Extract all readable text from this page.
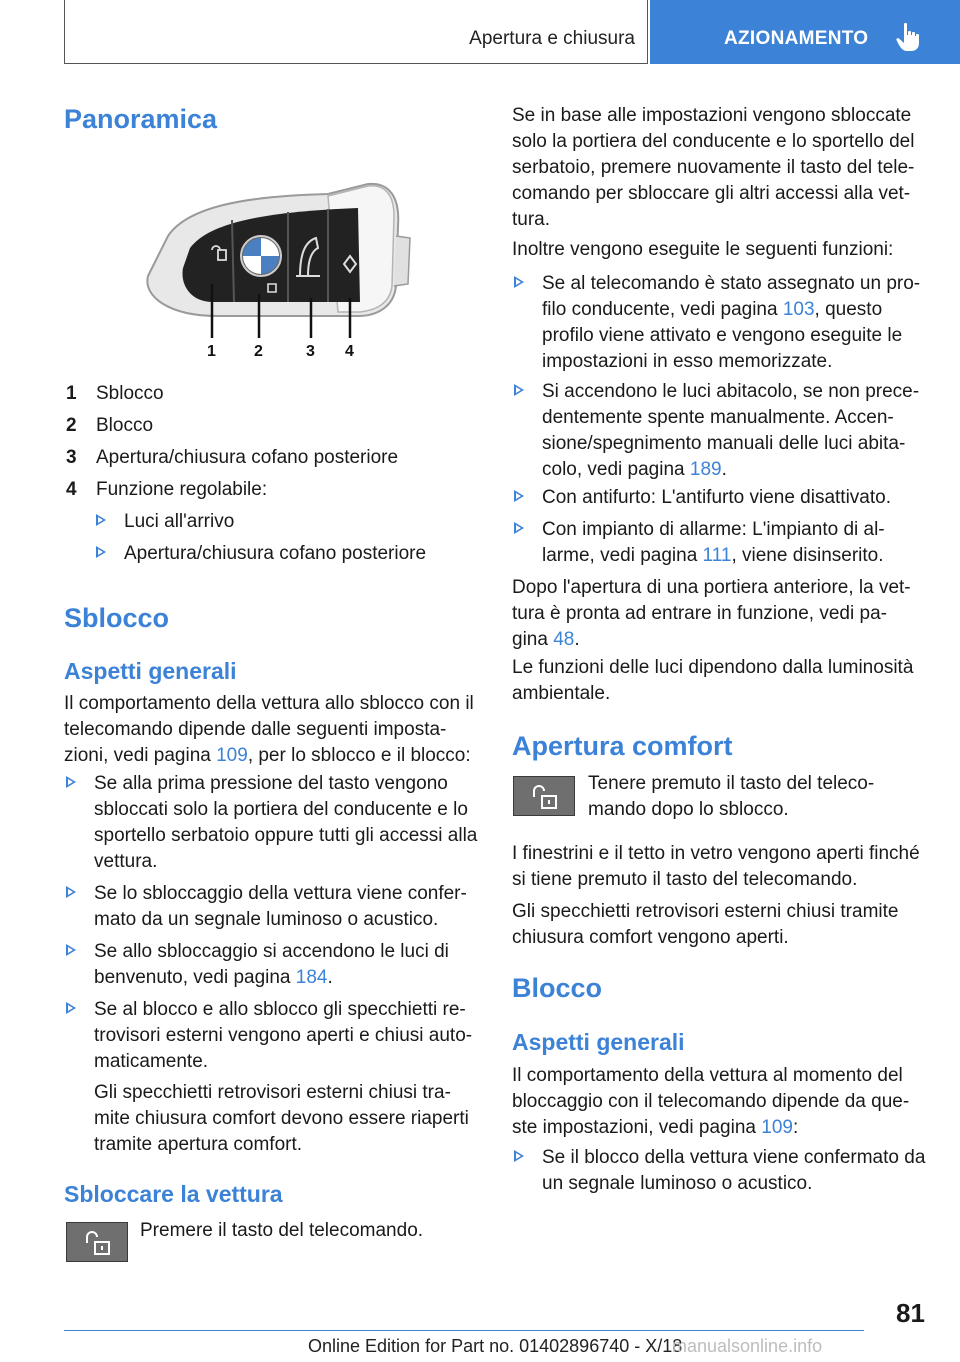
Apertura e chiusura	AZIONAMENTO
Panoramica
1 2	3 4
1 Sblocco
2 Blocco
3 Apertura/chiusura cofano posteriore
4 Funzione regolabile:
Luci all'arrivo
Apertura/chiusura cofano posteriore
Sblocco
Aspetti generali

Il comportamento della vettura allo sblocco con il
telecomando dipende dalle seguenti imposta‐
zioni, vedi pagina 109, per lo sblocco e il blocco:

Se alla prima pressione del tasto vengono
sbloccati solo la portiera del conducente e lo
sportello serbatoio oppure tutti gli accessi alla
vettura.
Se lo sbloccaggio della vettura viene confer‐
mato da un segnale luminoso o acustico.
Se allo sbloccaggio si accendono le luci di
benvenuto, vedi pagina 184.
Se al blocco e allo sblocco gli specchietti re‐
trovisori esterni vengono aperti e chiusi auto‐
maticamente.

Gli specchietti retrovisori esterni chiusi tra‐
mite chiusura comfort devono essere riaperti
tramite apertura comfort.

Sbloccare la vettura

Premere il tasto del telecomando.

Se in base alle impostazioni vengono sbloccate
solo la portiera del conducente e lo sportello del
serbatoio, premere nuovamente il tasto del tele‐
comando per sbloccare gli altri accessi alla vet‐
tura.

Inoltre vengono eseguite le seguenti funzioni:

Se al telecomando è stato assegnato un pro‐
filo conducente, vedi pagina 103, questo
profilo viene attivato e vengono eseguite le
impostazioni in esso memorizzate.
Si accendono le luci abitacolo, se non prece‐
dentemente spente manualmente. Accen‐
sione/spegnimento manuali delle luci abita‐
colo, vedi pagina 189.
Con antifurto: L'antifurto viene disattivato.
Con impianto di allarme: L'impianto di al‐
larme, vedi pagina 111, viene disinserito.

Dopo l'apertura di una portiera anteriore, la vet‐
tura è pronta ad entrare in funzione, vedi pa‐
gina 48.

Le funzioni delle luci dipendono dalla luminosità
ambientale.

Apertura comfort

Tenere premuto il tasto del teleco‐
mando dopo lo sblocco.

I finestrini e il tetto in vetro vengono aperti finché
si tiene premuto il tasto del telecomando.

Gli specchietti retrovisori esterni chiusi tramite
chiusura comfort vengono aperti.

Blocco
Aspetti generali

Il comportamento della vettura al momento del
bloccaggio con il telecomando dipende da que‐
ste impostazioni, vedi pagina 109:

Se il blocco della vettura viene confermato da
un segnale luminoso o acustico.
81
Online Edition for Part no. 01402896740 - X/18
manualsonline.info
